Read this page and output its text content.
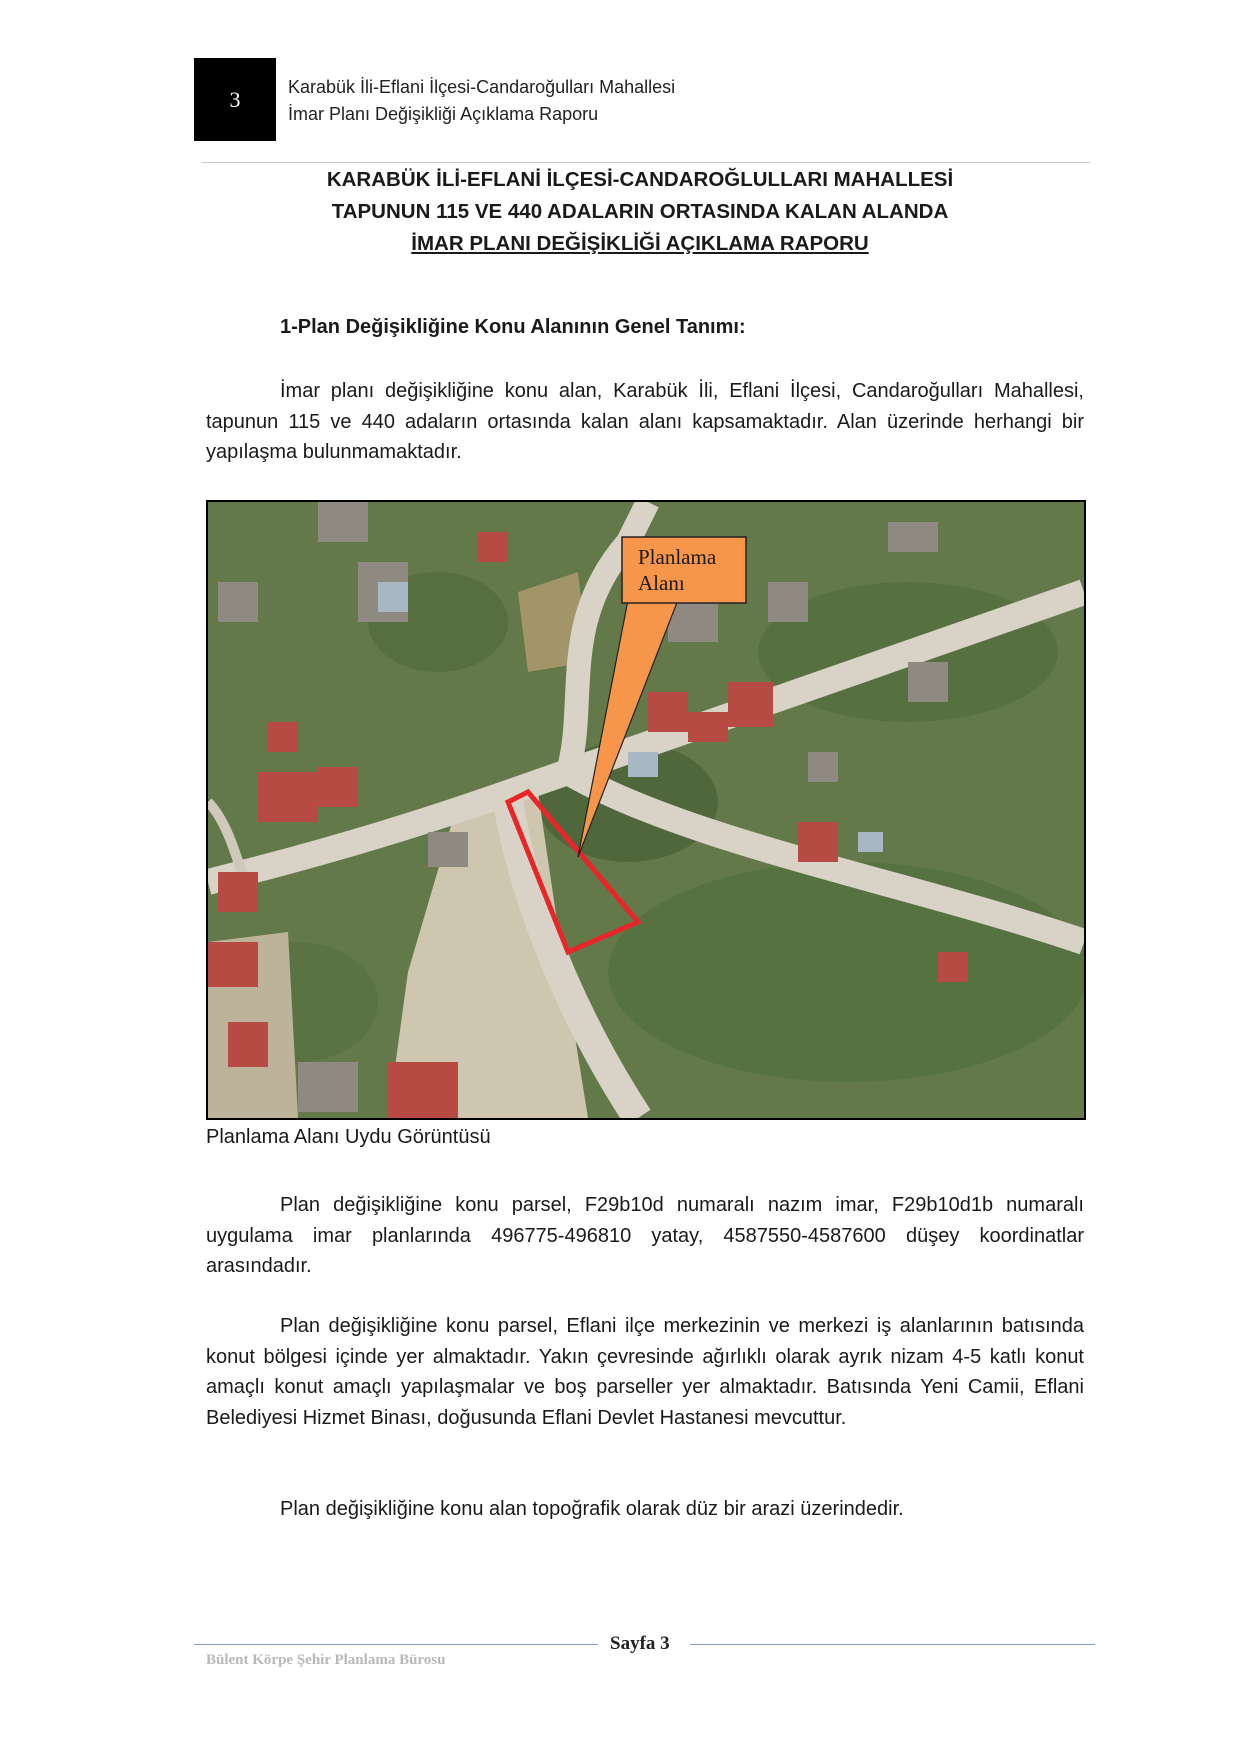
3	Karabük İli-Eflani İlçesi-Candaroğulları Mahallesi
İmar Planı Değişikliği Açıklama Raporu
KARABÜK İLİ-EFLANİ İLÇESİ-CANDAROĞLULLARI MAHALLESİ
TAPUNUN 115 VE 440 ADALARIN ORTASINDA KALAN ALANDA
İMAR PLANI DEĞİŞİKLİĞİ AÇIKLAMA RAPORU
1-Plan Değişikliğine Konu Alanının Genel Tanımı:

İmar planı değişikliğine konu alan, Karabük İli, Eflani İlçesi, Candaroğulları Mahallesi, tapunun 115 ve 440 adaların ortasında kalan alanı kapsamaktadır. Alan üzerinde herhangi bir yapılaşma bulunmamaktadır.

Planlama
Alanı
Planlama Alanı Uydu Görüntüsü

Plan değişikliğine konu parsel, F29b10d numaralı nazım imar, F29b10d1b numaralı uygulama imar planlarında 496775-496810 yatay, 4587550-4587600 düşey koordinatlar arasındadır.

Plan değişikliğine konu parsel, Eflani ilçe merkezinin ve merkezi iş alanlarının batısında konut bölgesi içinde yer almaktadır. Yakın çevresinde ağırlıklı olarak ayrık nizam 4-5 katlı konut amaçlı konut amaçlı yapılaşmalar ve boş parseller yer almaktadır. Batısında Yeni Camii, Eflani Belediyesi Hizmet Binası, doğusunda Eflani Devlet Hastanesi mevcuttur.

Plan değişikliğine konu alan topoğrafik olarak düz bir arazi üzerindedir.

Bülent Körpe Şehir Planlama Bürosu
Sayfa 3
